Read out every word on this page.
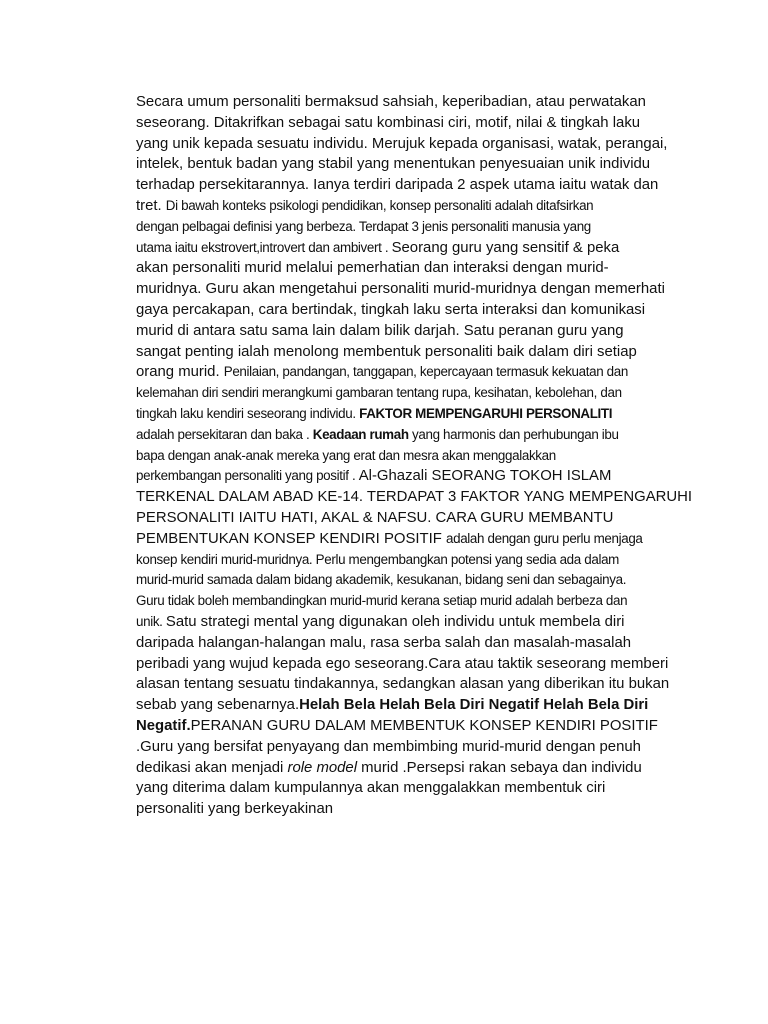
Secara umum personaliti bermaksud sahsiah, keperibadian, atau perwatakan
seseorang. Ditakrifkan sebagai satu kombinasi ciri, motif, nilai & tingkah laku
yang unik kepada sesuatu individu. Merujuk kepada organisasi, watak, perangai,
intelek, bentuk badan yang stabil yang menentukan penyesuaian unik individu
terhadap persekitarannya. Ianya terdiri daripada 2 aspek utama iaitu watak dan
tret. Di bawah konteks psikologi pendidikan, konsep personaliti adalah ditafsirkan
dengan pelbagai definisi yang berbeza. Terdapat 3 jenis personaliti manusia yang
utama iaitu ekstrovert,introvert dan ambivert . Seorang guru yang sensitif & peka
akan personaliti murid melalui pemerhatian dan interaksi dengan murid-
muridnya. Guru akan mengetahui personaliti murid-muridnya dengan memerhati
gaya percakapan, cara bertindak, tingkah laku serta interaksi dan komunikasi
murid di antara satu sama lain dalam bilik darjah. Satu peranan guru yang
sangat penting ialah menolong membentuk personaliti baik dalam diri setiap
orang murid. Penilaian, pandangan, tanggapan, kepercayaan termasuk kekuatan dan
kelemahan diri sendiri merangkumi gambaran tentang rupa, kesihatan, kebolehan, dan
tingkah laku kendiri seseorang individu. FAKTOR MEMPENGARUHI PERSONALITI
adalah persekitaran dan baka . Keadaan rumah yang harmonis dan perhubungan ibu
bapa dengan anak-anak mereka yang erat dan mesra akan menggalakkan
perkembangan personaliti yang positif . Al-Ghazali SEORANG TOKOH ISLAM
TERKENAL DALAM ABAD KE-14. TERDAPAT 3 FAKTOR YANG MEMPENGARUHI
PERSONALITI IAITU HATI, AKAL & NAFSU. CARA GURU MEMBANTU
PEMBENTUKAN KONSEP KENDIRI POSITIF adalah dengan guru perlu menjaga
konsep kendiri murid-muridnya. Perlu mengembangkan potensi yang sedia ada dalam
murid-murid samada dalam bidang akademik, kesukanan, bidang seni dan sebagainya.
Guru tidak boleh membandingkan murid-murid kerana setiap murid adalah berbeza dan
unik. Satu strategi mental yang digunakan oleh individu untuk membela diri
daripada halangan-halangan malu, rasa serba salah dan masalah-masalah
peribadi yang wujud kepada ego seseorang.Cara atau taktik seseorang memberi
alasan tentang sesuatu tindakannya, sedangkan alasan yang diberikan itu bukan
sebab yang sebenarnya.Helah Bela Helah Bela Diri Negatif Helah Bela Diri
Negatif.PERANAN GURU DALAM MEMBENTUK KONSEP KENDIRI POSITIF
.Guru yang bersifat penyayang dan membimbing murid-murid dengan penuh
dedikasi akan menjadi role model murid .Persepsi rakan sebaya dan individu
yang diterima dalam kumpulannya akan menggalakkan membentuk ciri
personaliti yang berkeyakinan
